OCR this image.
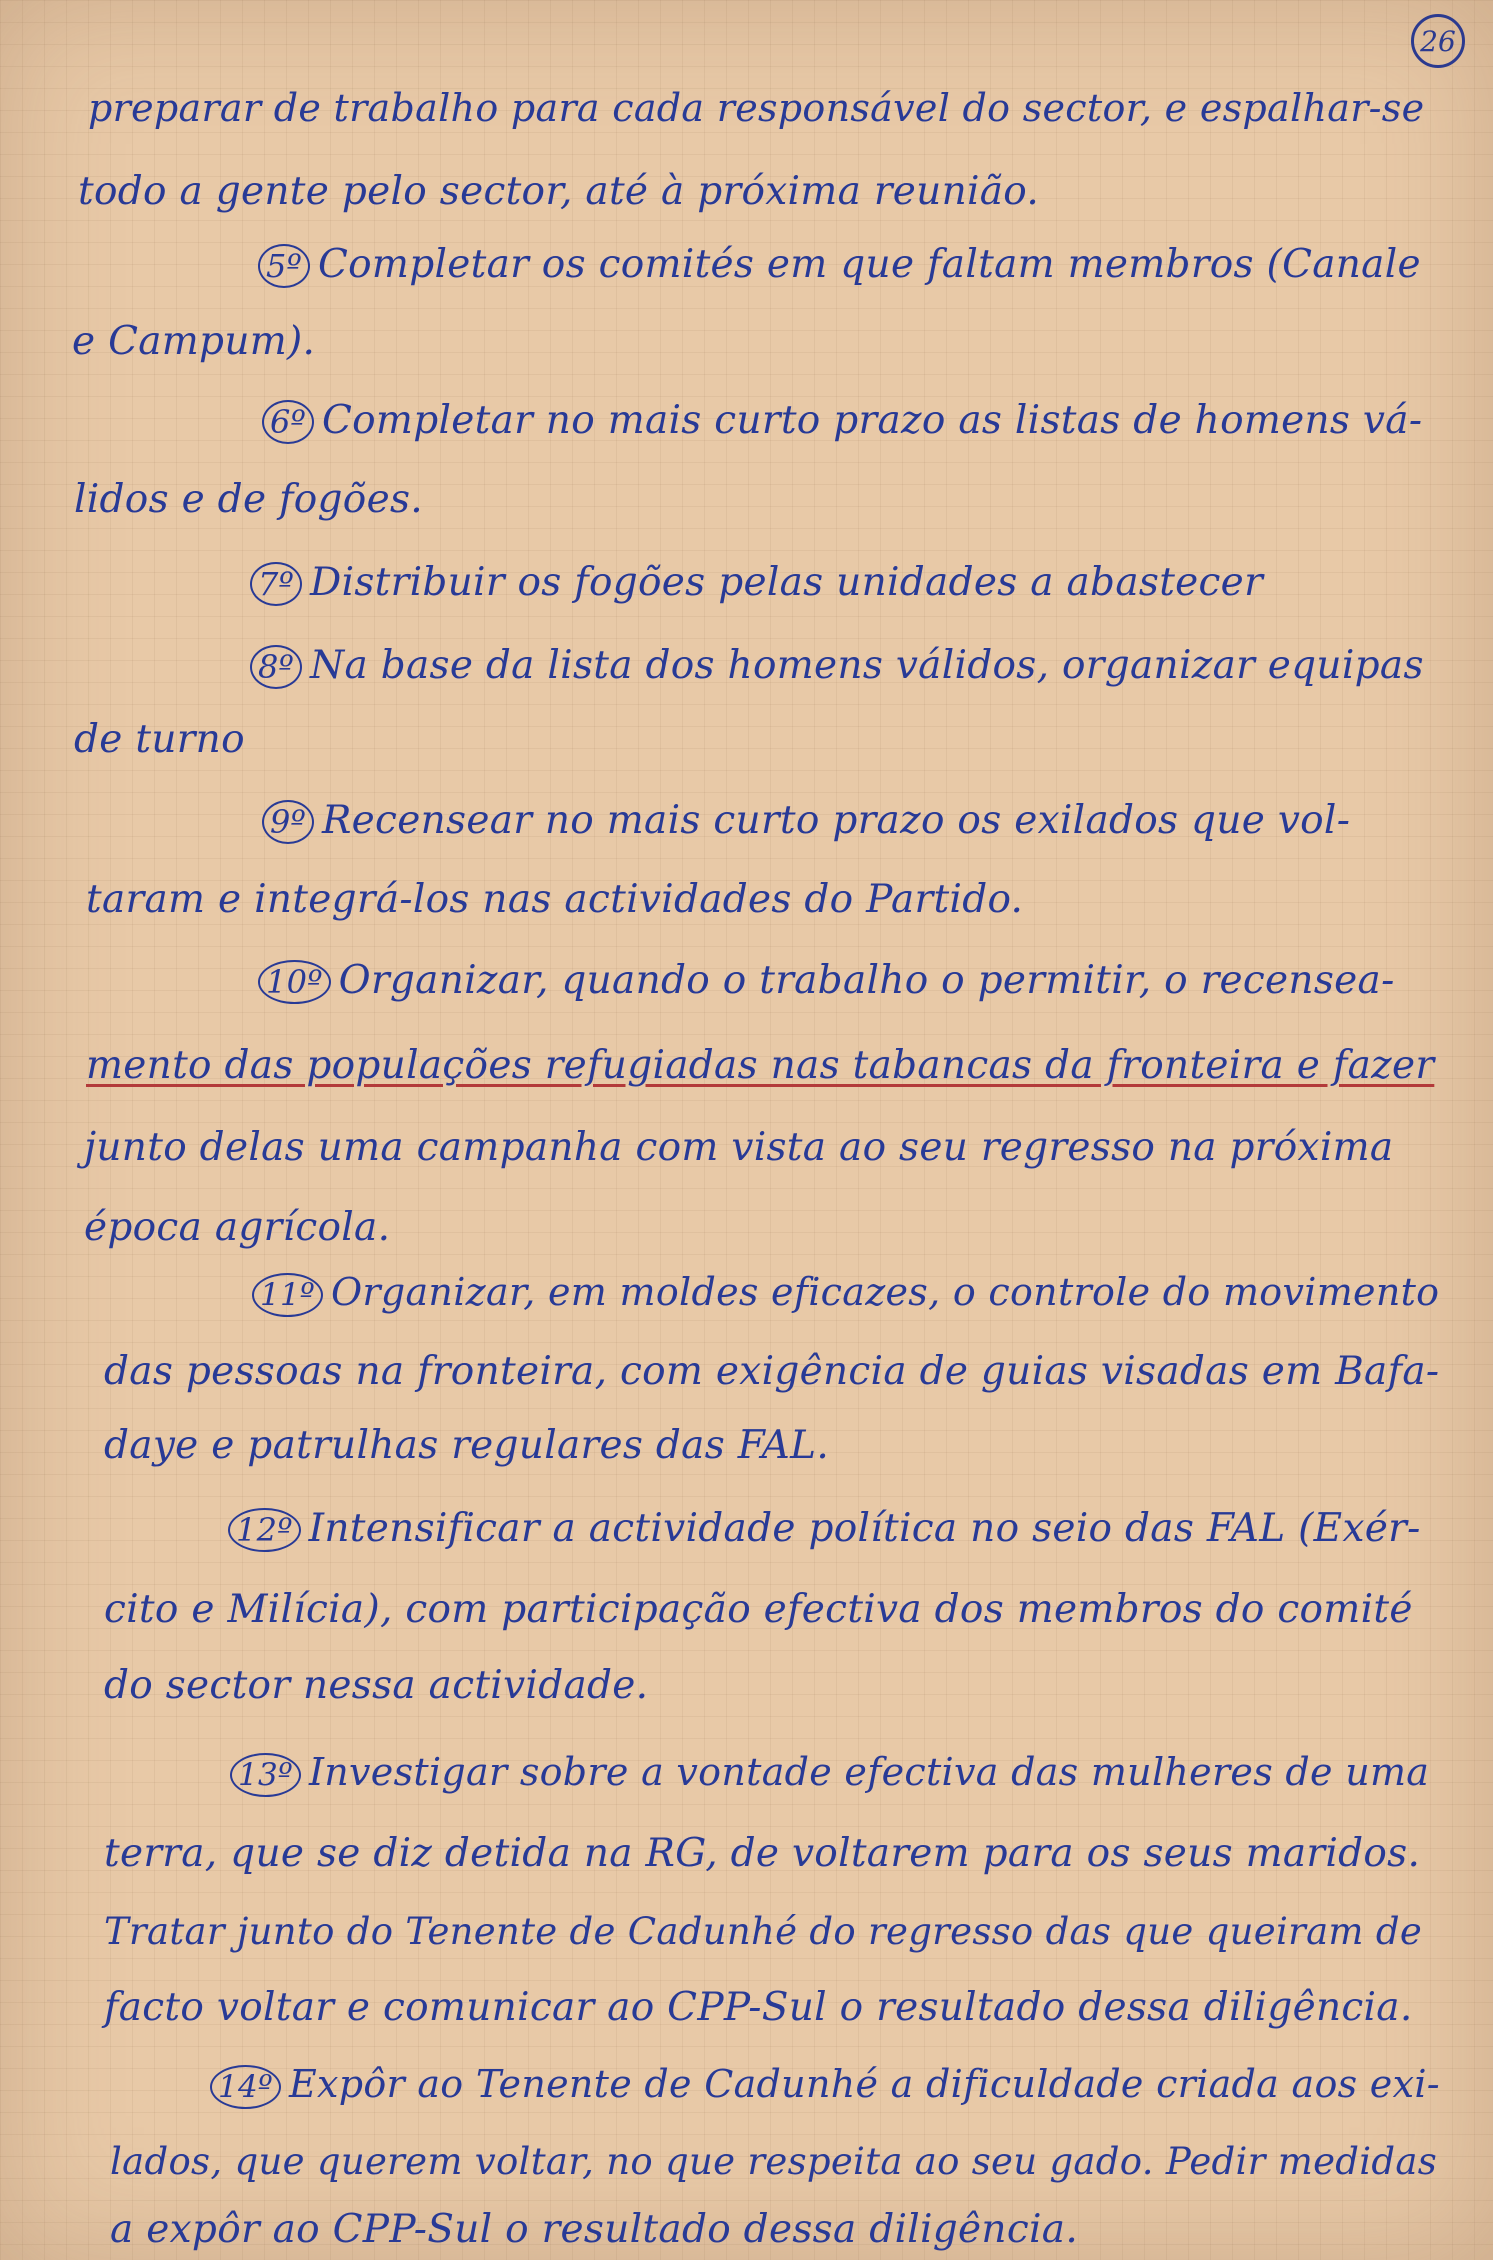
26
preparar de trabalho para cada responsável do sector, e espalhar-se
todo a gente pelo sector, até à próxima reunião.
5º Completar os comités em que faltam membros (Canale
e Campum).
6º Completar no mais curto prazo as listas de homens vá-
lidos e de fogões.
7º Distribuir os fogões pelas unidades a abastecer
8º Na base da lista dos homens válidos, organizar equipas
de turno
9º Recensear no mais curto prazo os exilados que vol-
taram e integrá-los nas actividades do Partido.
10º Organizar, quando o trabalho o permitir, o recensea-
mento das populações refugiadas nas tabancas da fronteira e fazer
junto delas uma campanha com vista ao seu regresso na próxima
época agrícola.
11º Organizar, em moldes eficazes, o controle do movimento
das pessoas na fronteira, com exigência de guias visadas em Bafa-
daye e patrulhas regulares das FAL.
12º Intensificar a actividade política no seio das FAL (Exér-
cito e Milícia), com participação efectiva dos membros do comité
do sector nessa actividade.
13º Investigar sobre a vontade efectiva das mulheres de uma
terra, que se diz detida na RG, de voltarem para os seus maridos.
Tratar junto do Tenente de Cadunhé do regresso das que queiram de
facto voltar e comunicar ao CPP-Sul o resultado dessa diligência.
14º Expôr ao Tenente de Cadunhé a dificuldade criada aos exi-
lados, que querem voltar, no que respeita ao seu gado. Pedir medidas
a expôr ao CPP-Sul o resultado dessa diligência.
